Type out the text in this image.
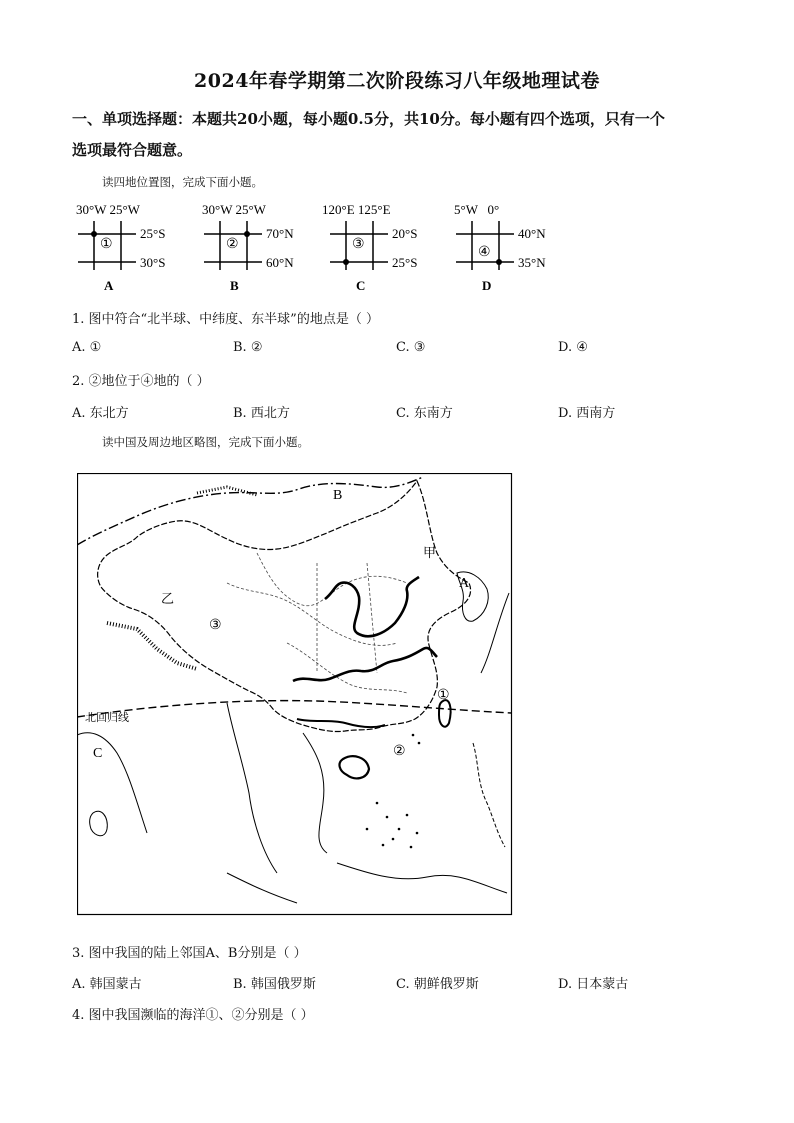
2024年春学期第二次阶段练习八年级地理试卷
一、单项选择题：本题共20小题，每小题0.5分，共10分。每小题有四个选项，只有一个
选项最符合题意。
读四地位置图，完成下面小题。
30°W 25°W
①
25°S
30°S
A
30°W 25°W
②
70°N
60°N
B
120°E 125°E
③
20°S
25°S
C
5°W   0°
④
40°N
35°N
D
1. 图中符合“北半球、中纬度、东半球”的地点是（ ）
A. ①	B. ②	C. ③	D. ④
2. ②地位于④地的（ ）
A. 东北方	B. 西北方	C. 东南方	D. 西南方
读中国及周边地区略图，完成下面小题。
B
甲
A
乙
③
①
北回归线
C	②
3. 图中我国的陆上邻国A、B分别是（ ）
A. 韩国蒙古	B. 韩国俄罗斯	C. 朝鲜俄罗斯	D. 日本蒙古
4. 图中我国濒临的海洋①、②分别是（ ）
